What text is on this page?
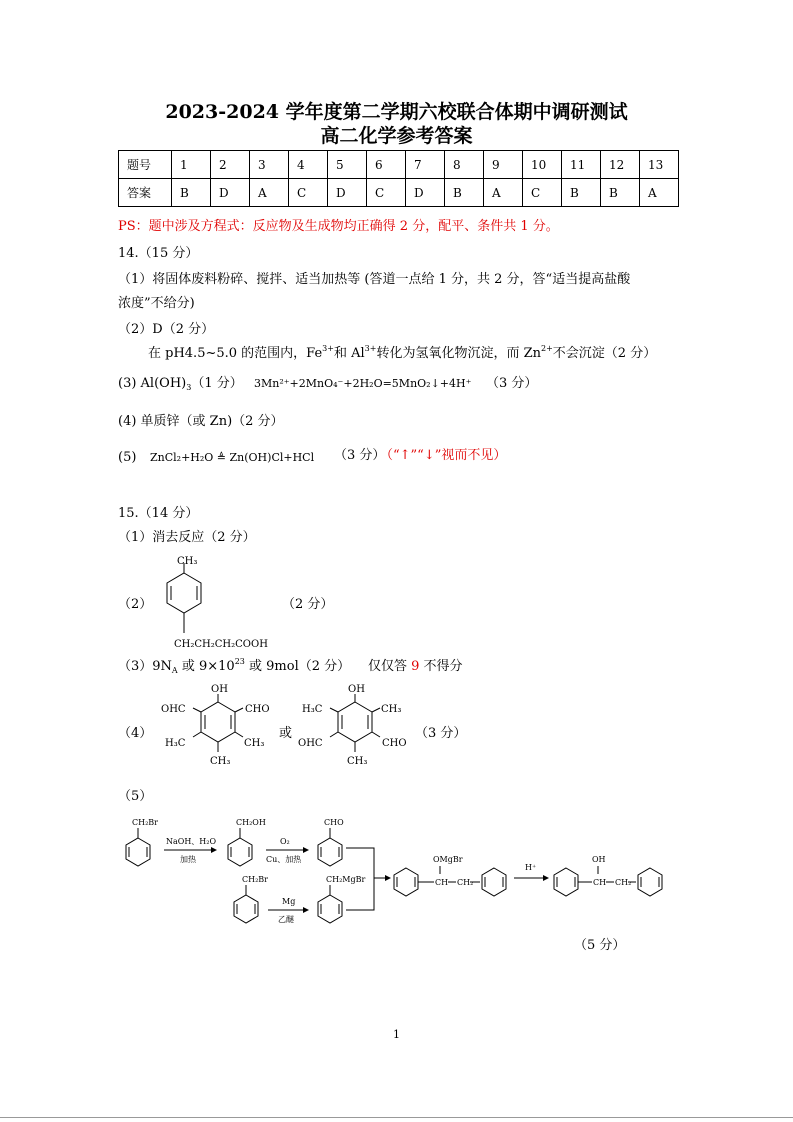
2023-2024 学年度第二学期六校联合体期中调研测试
高二化学参考答案
题号	1	2	3	4	5	6	7	8	9	10	11	12	13
答案	B	D	A	C	D	C	D	B	A	C	B	B	A
PS：题中涉及方程式：反应物及生成物均正确得 2 分，配平、条件共 1 分。
14.（15 分）
（1）将固体废料粉碎、搅拌、适当加热等 (答道一点给 1 分，共 2 分，答“适当提高盐酸
浓度”不给分)
（2）D（2 分）
在 pH4.5~5.0 的范围内，$Fe^{3+}$和 $Al^{3+}$转化为氢氧化物沉淀，而 $Zn^{2+}$不会沉淀（2 分）
(3) $Al(OH)_3(1$ 分） 3Mn²⁺+2MnO₄⁻+2H₂O=5MnO₂↓+4H⁺ （3 分）
(4) 单质锌（或 Zn)（2 分）
(5) ZnCl₂+H₂O ≜ Zn(OH)Cl+HCl （3 分）
（“↑”“↓”视而不见）
15.（14 分）
（1）消去反应（2 分）
（2）	（2 分）
CH₃
CH₂CH₂CH₂COOH
$(3)9N_A$ 或 $9\times 10^{23}$ 或 9mol（2 分） 仅仅答 9 不得分
（4）
OH
CHO
OHC
CH₃
H₃C
CH₃
或
OH
CH₃
H₃C
CHO
OHC
CH₃
（3 分）
（5）
CH₂Br
NaOH、H₂O
加热
CH₂OH
O₂
Cu、加热
CHO
CH₂Br
Mg
乙醚
CH₂MgBr	CH
OMgBr
CH₂
H⁺
CH
OH
CH₂
（5 分）
1
